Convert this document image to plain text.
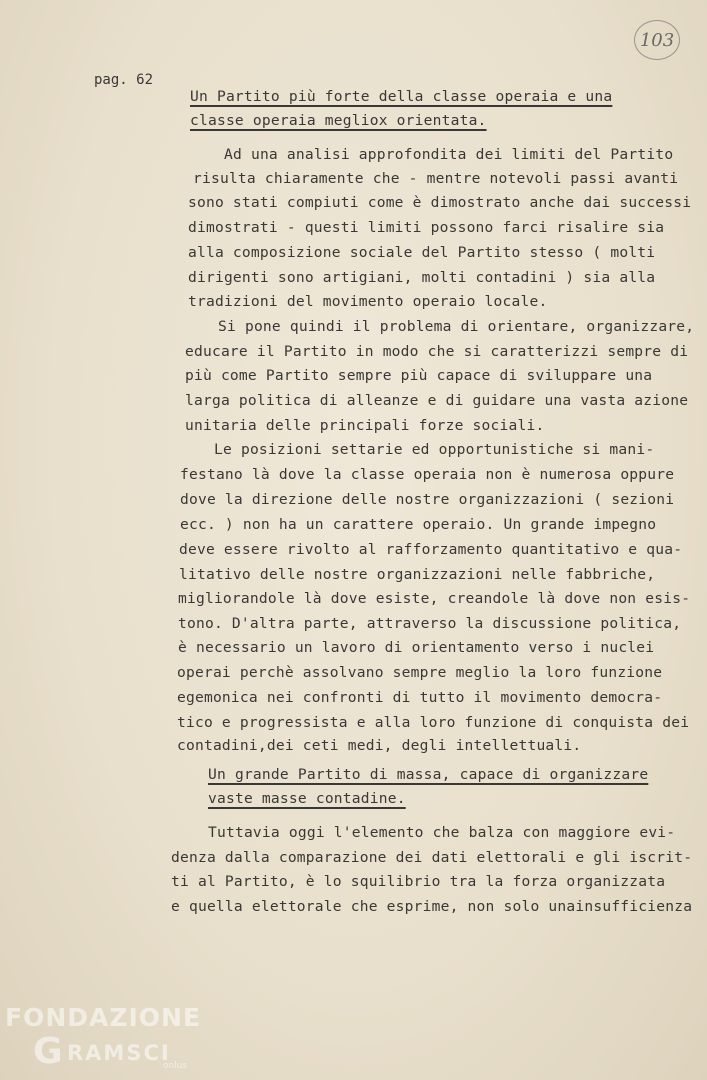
pag. 62
103
Un Partito più forte della classe operaia e una
classe operaia megliox orientata.
Ad una analisi approfondita dei limiti del Partito
risulta chiaramente che - mentre notevoli passi avanti
sono stati compiuti come è dimostrato anche dai successi
dimostrati - questi limiti possono farci risalire sia
alla composizione sociale del Partito stesso ( molti
dirigenti sono artigiani, molti contadini ) sia alla
tradizioni del movimento operaio locale.
Si pone quindi il problema di orientare, organizzare,
educare il Partito in modo che si caratterizzi sempre di
più come Partito sempre più capace di sviluppare una
larga politica di alleanze e di guidare una vasta azione
unitaria delle principali forze sociali.
Le posizioni settarie ed opportunistiche si mani-
festano là dove la classe operaia non è numerosa oppure
dove la direzione delle nostre organizzazioni ( sezioni
ecc. ) non ha un carattere operaio. Un grande impegno
deve essere rivolto al rafforzamento quantitativo e qua-
litativo delle nostre organizzazioni nelle fabbriche,
migliorandole là dove esiste, creandole là dove non esis-
tono. D'altra parte, attraverso la discussione politica,
è necessario un lavoro di orientamento verso i nuclei
operai perchè assolvano sempre meglio la loro funzione
egemonica nei confronti di tutto il movimento democra-
tico e progressista e alla loro funzione di conquista dei
contadini,dei ceti medi, degli intellettuali.
Un grande Partito di massa, capace di organizzare
vaste masse contadine.
Tuttavia oggi l'elemento che balza con maggiore evi-
denza dalla comparazione dei dati elettorali e gli iscrit-
ti al Partito, è lo squilibrio tra la forza organizzata
e quella elettorale che esprime, non solo unainsufficienza
FONDAZIONE
G RAMSCI
onlus
